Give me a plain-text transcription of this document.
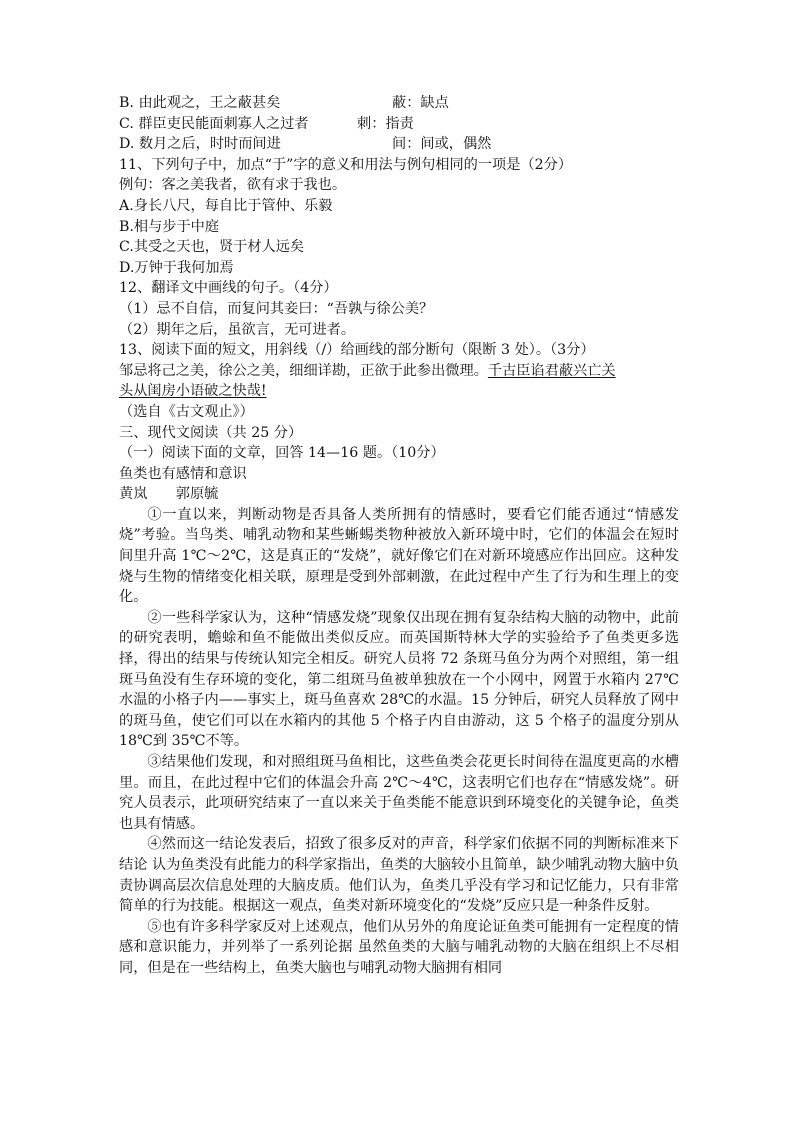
B. 由此观之，王之蔽甚矣	蔽：缺点
C. 群臣吏民能面刺寡人之过者	刺：指责
D. 数月之后，时时而间进	间：间或，偶然
11、下列句子中，加点“于”字的意义和用法与例句相同的一项是（2分）
例句：客之美我者，欲有求于我也。
A.身长八尺，每自比于管仲、乐毅
B.相与步于中庭
C.其受之天也，贤于材人远矣
D.万钟于我何加焉
12、翻译文中画线的句子。（4分）
（1）忌不自信，而复问其妾曰：“吾孰与徐公美？
（2）期年之后，虽欲言，无可进者。
13、阅读下面的短文，用斜线（/）给画线的部分断句（限断 3 处）。（3分）
邹忌将己之美，徐公之美，细细详勘，正欲于此参出微理。千古臣谄君蔽兴亡关
头从闺房小语破之快哉!
（选自《古文观止》）
三、现代文阅读（共 25 分）
（一）阅读下面的文章，回答 14—16 题。（10分）
鱼类也有感情和意识
黄岚　　郭原毓

①一直以来，判断动物是否具备人类所拥有的情感时，要看它们能否通过“情感发烧”考验。当鸟类、哺乳动物和某些蜥蜴类物种被放入新环境中时，它们的体温会在短时间里升高 1℃～2℃，这是真正的“发烧”，就好像它们在对新环境感应作出回应。这种发烧与生物的情绪变化相关联，原理是受到外部刺激，在此过程中产生了行为和生理上的变化。

②一些科学家认为，这种“情感发烧”现象仅出现在拥有复杂结构大脑的动物中，此前的研究表明，蟾蜍和鱼不能做出类似反应。而英国斯特林大学的实验给予了鱼类更多选择，得出的结果与传统认知完全相反。研究人员将 72 条斑马鱼分为两个对照组，第一组斑马鱼没有生存环境的变化，第二组斑马鱼被单独放在一个小网中，网置于水箱内 27℃水温的小格子内——事实上，斑马鱼喜欢 28℃的水温。15 分钟后，研究人员释放了网中的斑马鱼，使它们可以在水箱内的其他 5 个格子内自由游动，这 5 个格子的温度分别从 18℃到 35℃不等。

③结果他们发现，和对照组斑马鱼相比，这些鱼类会花更长时间待在温度更高的水槽里。而且，在此过程中它们的体温会升高 2℃～4℃，这表明它们也存在“情感发烧”。研究人员表示，此项研究结束了一直以来关于鱼类能不能意识到环境变化的关键争论，鱼类也具有情感。

④然而这一结论发表后，招致了很多反对的声音，科学家们依据不同的判断标准来下结论 认为鱼类没有此能力的科学家指出，鱼类的大脑较小且简单，缺少哺乳动物大脑中负责协调高层次信息处理的大脑皮质。他们认为，鱼类几乎没有学习和记忆能力，只有非常简单的行为技能。根据这一观点，鱼类对新环境变化的“发烧”反应只是一种条件反射。

⑤也有许多科学家反对上述观点，他们从另外的角度论证鱼类可能拥有一定程度的情感和意识能力，并列举了一系列论据 虽然鱼类的大脑与哺乳动物的大脑在组织上不尽相同，但是在一些结构上，鱼类大脑也与哺乳动物大脑拥有相同
